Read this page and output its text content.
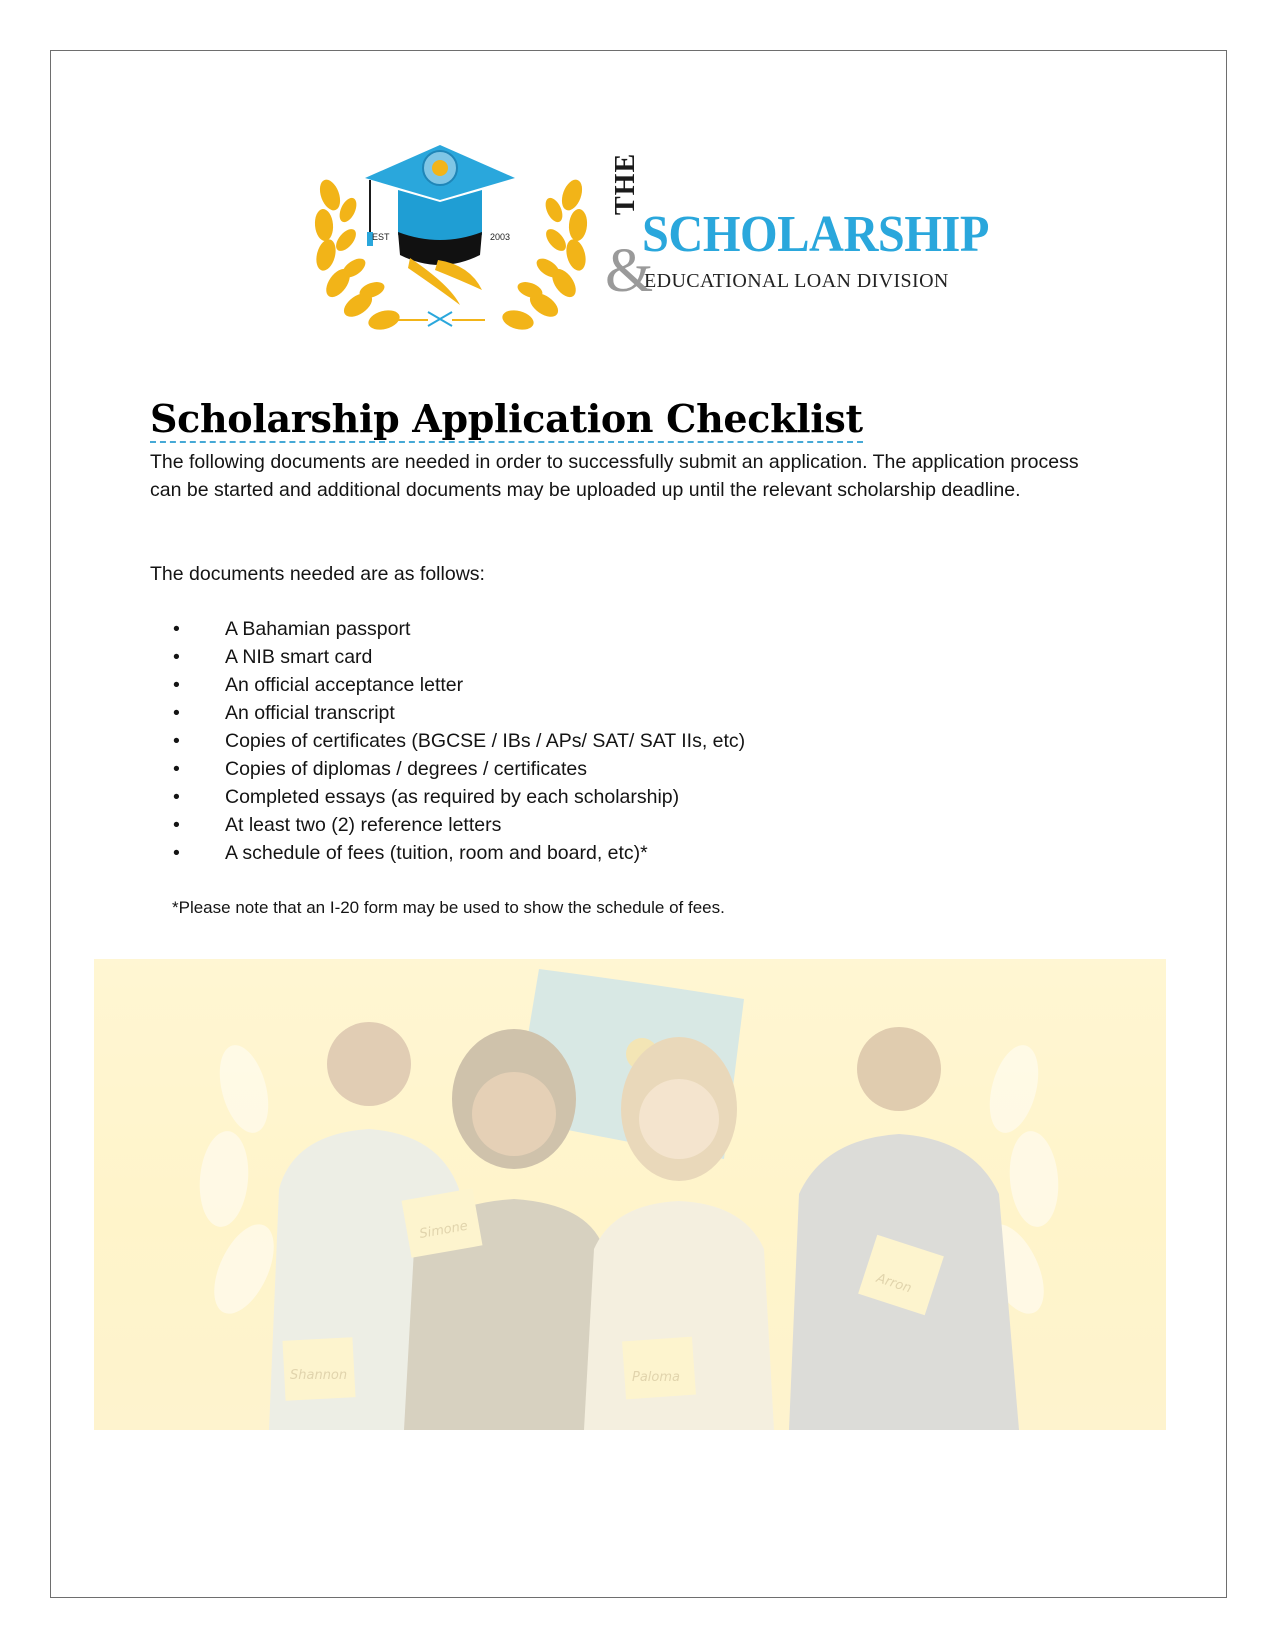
EST	2003
THE
&
SCHOLARSHIP
EDUCATIONAL LOAN DIVISION
Scholarship Application Checklist

The following documents are needed in order to successfully submit an application. The application process can be started and additional documents may be uploaded up until the relevant scholarship deadline.

The documents needed are as follows:

• A Bahamian passport
• A NIB smart card
• An official acceptance letter
• An official transcript
• Copies of certificates (BGCSE / IBs / APs/ SAT/ SAT IIs, etc)
• Copies of diplomas / degrees / certificates
• Completed essays (as required by each scholarship)
• At least two (2) reference letters
• A schedule of fees (tuition, room and board, etc)*

*Please note that an I-20 form may be used to show the schedule of fees.

Shannon
Simone
Paloma
Arron
